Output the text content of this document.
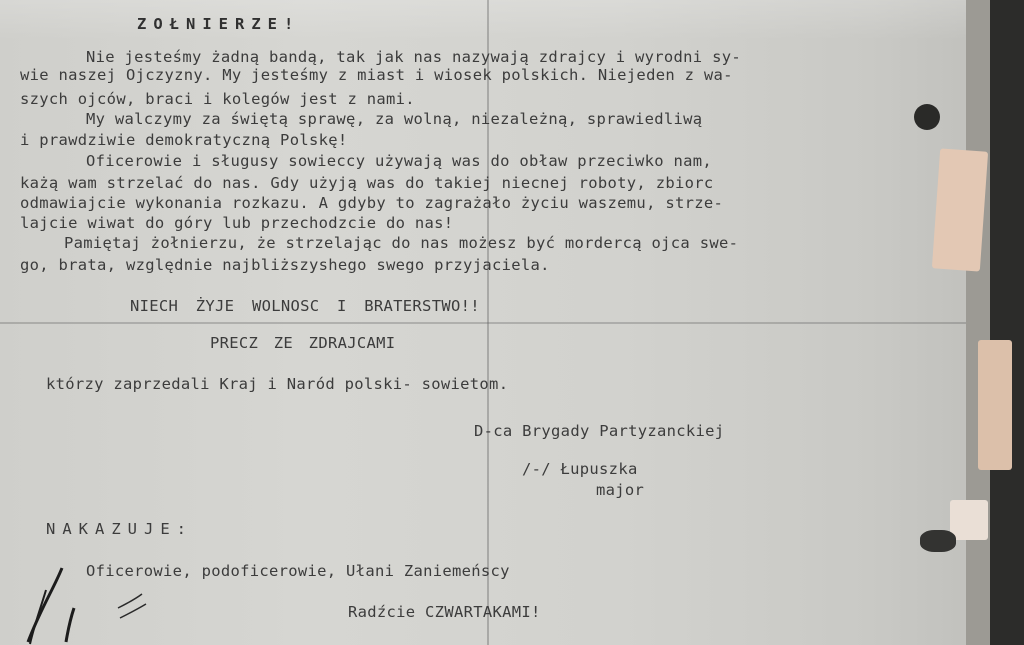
ZOŁNIERZE!
Nie jesteśmy żadną bandą, tak jak nas nazywają zdrajcy i wyrodni sy-
wie naszej Ojczyzny. My jesteśmy z miast i wiosek polskich. Niejeden z wa-
szych ojców, braci i kolegów jest z nami.
My walczymy za świętą sprawę, za wolną, niezależną, sprawiedliwą
i prawdziwie demokratyczną Polskę!
Oficerowie i sługusy sowieccy używają was do obław przeciwko nam,
każą wam strzelać do nas. Gdy użyją was do takiej niecnej roboty, zbiorc
odmawiajcie wykonania rozkazu. A gdyby to zagrażało życiu waszemu, strze-
lajcie wiwat do góry lub przechodzcie do nas!
Pamiętaj żołnierzu, że strzelając do nas możesz być mordercą ojca swe-
go, brata, względnie najbliższyshego swego przyjaciela.
NIECH ŻYJE WOLNOSC I BRATERSTWO!!
PRECZ ZE ZDRAJCAMI
którzy zaprzedali Kraj i Naród polski- sowietom.
D-ca Brygady Partyzanckiej
/-/ Łupuszka
major
NAKAZUJE:
Oficerowie, podoficerowie, Ułani Zaniemeńscy
Radźcie CZWARTAKAMI!
